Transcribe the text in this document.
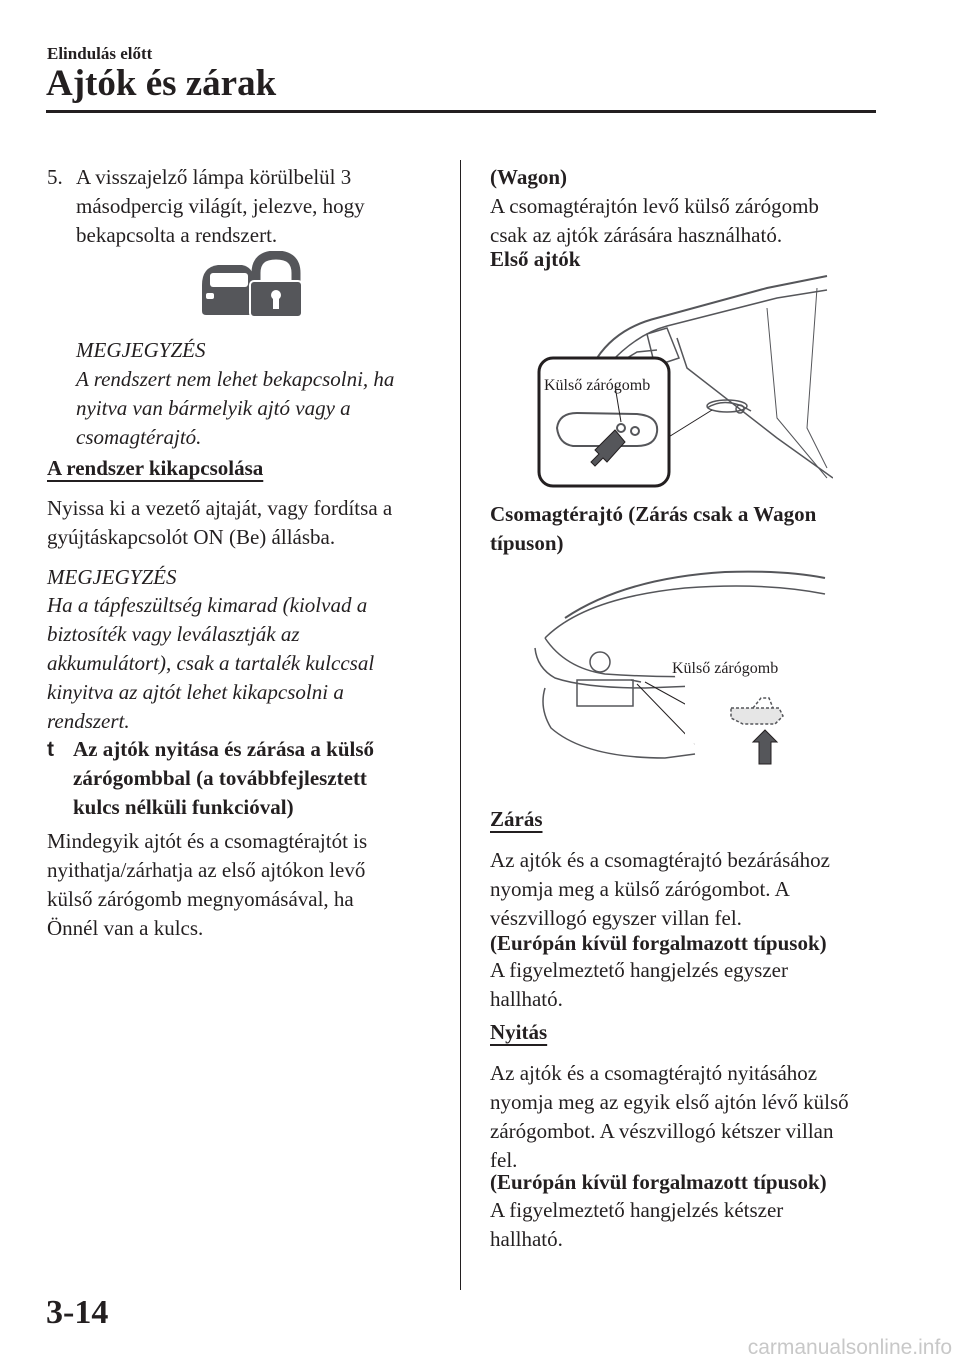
Elindulás előtt
Ajtók és zárak
5. A visszajelző lámpa körülbelül 3
másodpercig világít, jelezve, hogy
bekapcsolta a rendszert.
MEGJEGYZÉS
A rendszert nem lehet bekapcsolni, ha
nyitva van bármelyik ajtó vagy a
csomagtérajtó.
A rendszer kikapcsolása
Nyissa ki a vezető ajtaját, vagy fordítsa a
gyújtáskapcsolót ON (Be) állásba.
MEGJEGYZÉS
Ha a tápfeszültség kimarad (kiolvad a
biztosíték vagy leválasztják az
akkumulátort), csak a tartalék kulccsal
kinyitva az ajtót lehet kikapcsolni a
rendszert.
t Az ajtók nyitása és zárása a külső
zárógombbal (a továbbfejlesztett
kulcs nélküli funkcióval)
Mindegyik ajtót és a csomagtérajtót is
nyithatja/zárhatja az első ajtókon levő
külső zárógomb megnyomásával, ha
Önnél van a kulcs.
(Wagon)
A csomagtérajtón levő külső zárógomb
csak az ajtók zárására használható.
Első ajtók
Külső zárógomb
Csomagtérajtó (Zárás csak a Wagon
típuson)
Külső zárógomb
Zárás
Az ajtók és a csomagtérajtó bezárásához
nyomja meg a külső zárógombot. A
vészvillogó egyszer villan fel.
(Európán kívül forgalmazott típusok)
A figyelmeztető hangjelzés egyszer
hallható.
Nyitás
Az ajtók és a csomagtérajtó nyitásához
nyomja meg az egyik első ajtón lévő külső
zárógombot. A vészvillogó kétszer villan
fel.
(Európán kívül forgalmazott típusok)
A figyelmeztető hangjelzés kétszer
hallható.
3-14
carmanualsonline.info
